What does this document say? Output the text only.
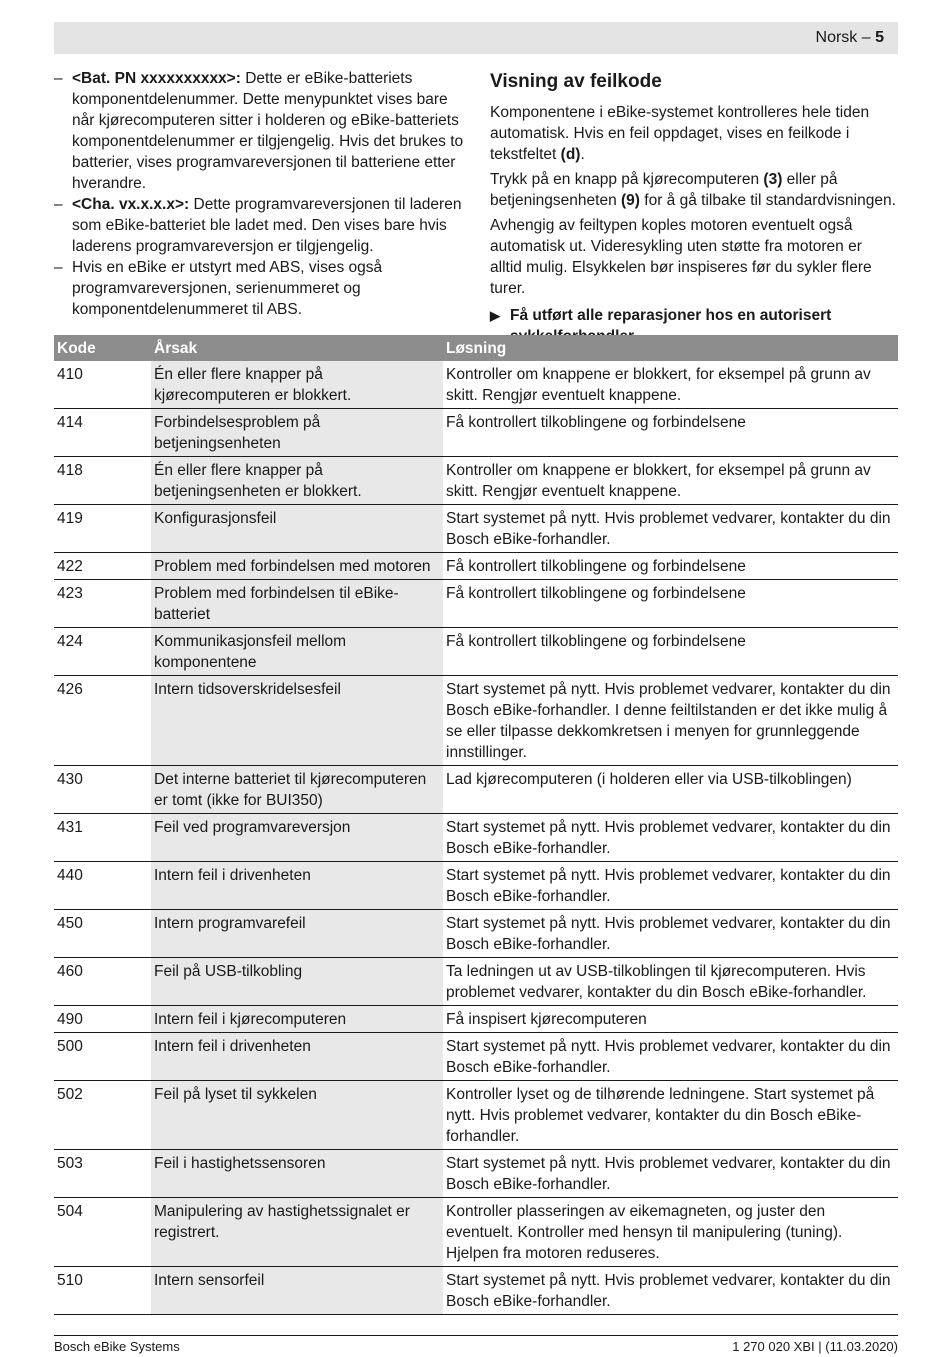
Norsk – 5
– <Bat. PN xxxxxxxxxx>: Dette er eBike-batteriets komponentdelenummer. Dette menypunktet vises bare når kjørecomputeren sitter i holderen og eBike-batteriets komponentdelenummer er tilgjengelig. Hvis det brukes to batterier, vises programvareversjonen til batteriene etter hverandre.
– <Cha. vx.x.x.x>: Dette programvareversjonen til laderen som eBike-batteriet ble ladet med. Den vises bare hvis laderens programvareversjon er tilgjengelig.
– Hvis en eBike er utstyrt med ABS, vises også programvareversjonen, serienummeret og komponentdelenummeret til ABS.
Visning av feilkode

Komponentene i eBike-systemet kontrolleres hele tiden automatisk. Hvis en feil oppdaget, vises en feilkode i tekstfeltet (d).

Trykk på en knapp på kjørecomputeren (3) eller på betjeningsenheten (9) for å gå tilbake til standardvisningen.

Avhengig av feiltypen koples motoren eventuelt også automatisk ut. Videresykling uten støtte fra motoren er alltid mulig. Elsykkelen bør inspiseres før du sykler flere turer.

▶ Få utført alle reparasjoner hos en autorisert
Kode	Årsak	Løsning
410	Én eller flere knapper på kjørecomputeren er blokkert.	Kontroller om knappene er blokkert, for eksempel på grunn av skitt. Rengjør eventuelt knappene.
414	Forbindelsesproblem på betjeningsenheten	Få kontrollert tilkoblingene og forbindelsene
418	Én eller flere knapper på betjeningsenheten er blokkert.	Kontroller om knappene er blokkert, for eksempel på grunn av skitt. Rengjør eventuelt knappene.
419	Konfigurasjonsfeil	Start systemet på nytt. Hvis problemet vedvarer, kontakter du din Bosch eBike-forhandler.
422	Problem med forbindelsen med motoren	Få kontrollert tilkoblingene og forbindelsene
423	Problem med forbindelsen til eBike-batteriet	Få kontrollert tilkoblingene og forbindelsene
424	Kommunikasjonsfeil mellom komponentene	Få kontrollert tilkoblingene og forbindelsene
426	Intern tidsoverskridelsesfeil	Start systemet på nytt. Hvis problemet vedvarer, kontakter du din Bosch eBike-forhandler. I denne feiltilstanden er det ikke mulig å se eller tilpasse dekkomkretsen i menyen for grunnleggende innstillinger.
430	Det interne batteriet til kjørecomputeren er tomt (ikke for BUI350)	Lad kjørecomputeren (i holderen eller via USB-tilkoblingen)
431	Feil ved programvareversjon	Start systemet på nytt. Hvis problemet vedvarer, kontakter du din Bosch eBike-forhandler.
440	Intern feil i drivenheten	Start systemet på nytt. Hvis problemet vedvarer, kontakter du din Bosch eBike-forhandler.
450	Intern programvarefeil	Start systemet på nytt. Hvis problemet vedvarer, kontakter du din Bosch eBike-forhandler.
460	Feil på USB-tilkobling	Ta ledningen ut av USB-tilkoblingen til kjørecomputeren. Hvis problemet vedvarer, kontakter du din Bosch eBike-forhandler.
490	Intern feil i kjørecomputeren	Få inspisert kjørecomputeren
500	Intern feil i drivenheten	Start systemet på nytt. Hvis problemet vedvarer, kontakter du din Bosch eBike-forhandler.
502	Feil på lyset til sykkelen	Kontroller lyset og de tilhørende ledningene. Start systemet på nytt. Hvis problemet vedvarer, kontakter du din Bosch eBike-forhandler.
503	Feil i hastighetssensoren	Start systemet på nytt. Hvis problemet vedvarer, kontakter du din Bosch eBike-forhandler.
504	Manipulering av hastighetssignalet er registrert.	Kontroller plasseringen av eikemagneten, og juster den eventuelt. Kontroller med hensyn til manipulering (tuning). Hjelpen fra motoren reduseres.
510	Intern sensorfeil	Start systemet på nytt. Hvis problemet vedvarer, kontakter du din Bosch eBike-forhandler.
Bosch eBike Systems	1 270 020 XBI | (11.03.2020)
